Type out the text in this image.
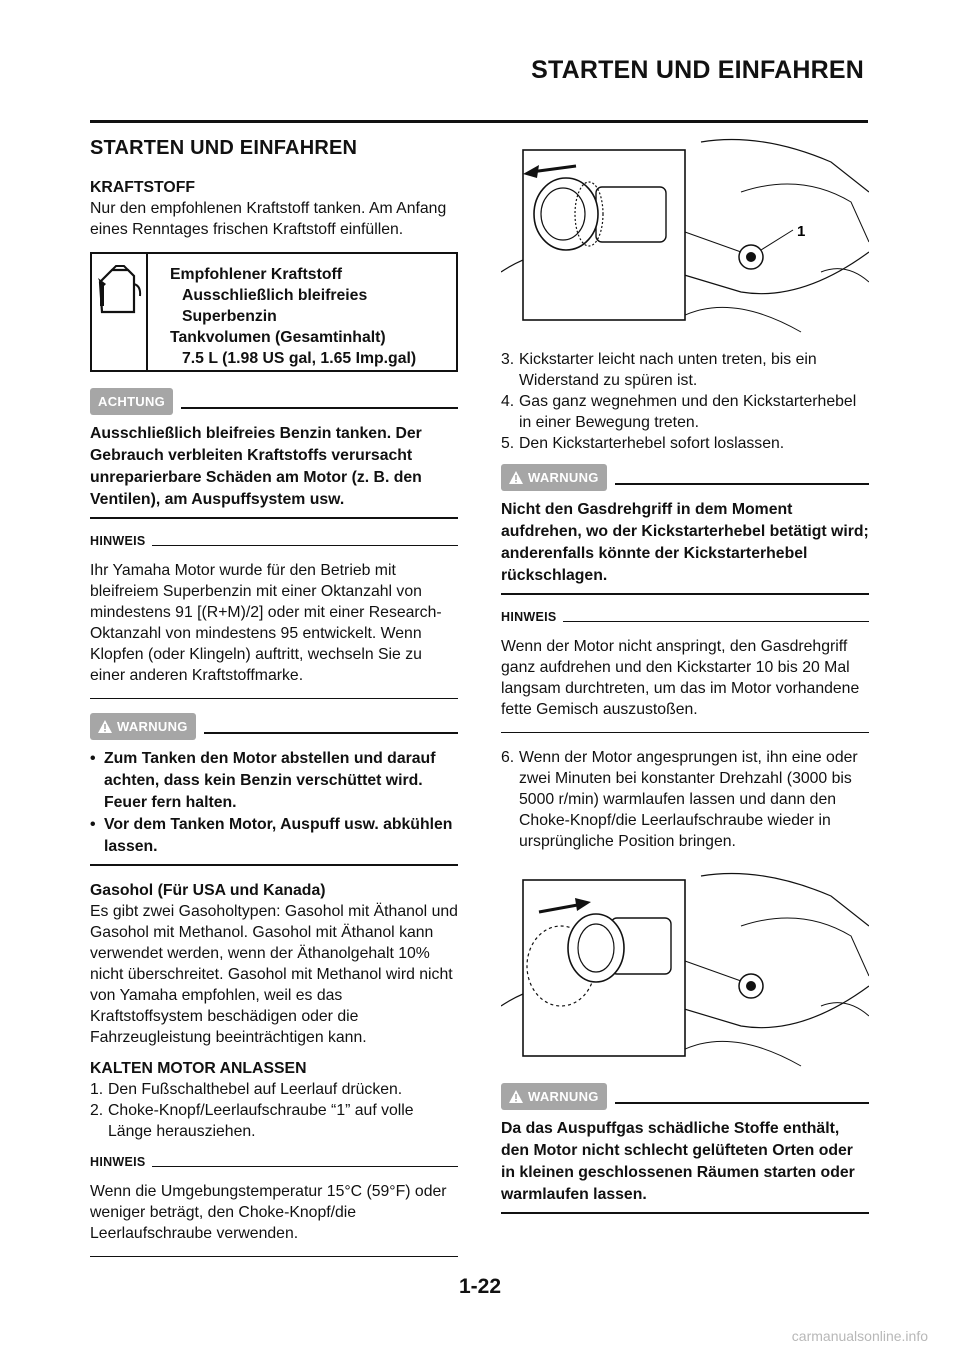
STARTEN UND EINFAHREN
STARTEN UND EINFAHREN
KRAFTSTOFF

Nur den empfohlenen Kraftstoff tanken. Am Anfang eines Renntages frischen Kraftstoff einfüllen.

Empfohlener Kraftstoff
Ausschließlich bleifreies Superbenzin
Tankvolumen (Gesamtinhalt)
7.5 L (1.98 US gal, 1.65 Imp.gal)
ACHTUNG

Ausschließlich bleifreies Benzin tanken. Der Gebrauch verbleiten Kraftstoffs verursacht unreparierbare Schäden am Motor (z. B. den Ventilen), am Auspuffsystem usw.

HINWEIS

Ihr Yamaha Motor wurde für den Betrieb mit bleifreiem Superbenzin mit einer Oktanzahl von mindestens 91 [(R+M)/2] oder mit einer Research-Oktanzahl von mindestens 95 entwickelt. Wenn Klopfen (oder Klingeln) auftritt, wechseln Sie zu einer anderen Kraftstoffmarke.

WARNUNG
• Zum Tanken den Motor abstellen und darauf achten, dass kein Benzin verschüttet wird. Feuer fern halten.
• Vor dem Tanken Motor, Auspuff usw. abkühlen lassen.
Gasohol (Für USA und Kanada)

Es gibt zwei Gasoholtypen: Gasohol mit Äthanol und Gasohol mit Methanol. Gasohol mit Äthanol kann verwendet werden, wenn der Äthanolgehalt 10% nicht überschreitet. Gasohol mit Methanol wird nicht von Yamaha empfohlen, weil es das Kraftstoffsystem beschädigen oder die Fahrzeugleistung beeinträchtigen kann.

KALTEN MOTOR ANLASSEN
1. Den Fußschalthebel auf Leerlauf drücken.
2. Choke-Knopf/Leerlaufschraube “1” auf volle Länge herausziehen.
HINWEIS

Wenn die Umgebungstemperatur 15°C (59°F) oder weniger beträgt, den Choke-Knopf/die Leerlaufschraube verwenden.

1
3. Kickstarter leicht nach unten treten, bis ein Widerstand zu spüren ist.
4. Gas ganz wegnehmen und den Kickstarterhebel in einer Bewegung treten.
5. Den Kickstarterhebel sofort loslassen.
WARNUNG

Nicht den Gasdrehgriff in dem Moment aufdrehen, wo der Kickstarterhebel betätigt wird; anderenfalls könnte der Kickstarterhebel rückschlagen.

HINWEIS

Wenn der Motor nicht anspringt, den Gasdrehgriff ganz aufdrehen und den Kickstarter 10 bis 20 Mal langsam durchtreten, um das im Motor vorhandene fette Gemisch auszustoßen.

6. Wenn der Motor angesprungen ist, ihn eine oder zwei Minuten bei konstanter Drehzahl (3000 bis 5000 r/min) warmlaufen lassen und dann den Choke-Knopf/die Leerlaufschraube wieder in ursprüngliche Position bringen.
WARNUNG

Da das Auspuffgas schädliche Stoffe enthält, den Motor nicht schlecht gelüfteten Orten oder in kleinen geschlossenen Räumen starten oder warmlaufen lassen.

1-22
carmanualsonline.info
